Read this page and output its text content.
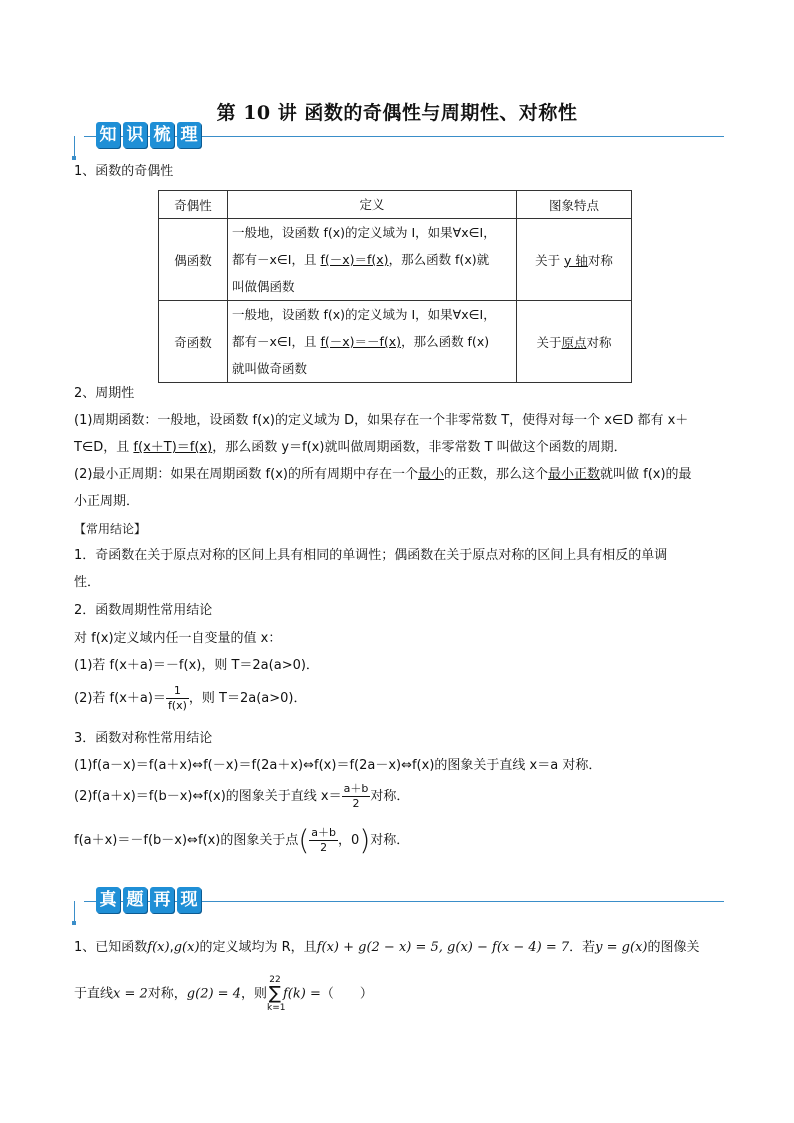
第 10 讲 函数的奇偶性与周期性、对称性
知 识 梳 理
1、函数的奇偶性
奇偶性	定义	图象特点
偶函数	一般地，设函数 f(x)的定义域为 I，如果∀x∈I，
都有－x∈I，且 f(－x)＝f(x)，那么函数 f(x)就
叫做偶函数	关于 y 轴对称
奇函数	一般地，设函数 f(x)的定义域为 I，如果∀x∈I，
都有－x∈I，且 f(－x)＝－f(x)，那么函数 f(x)
就叫做奇函数	关于原点对称
2、周期性
(1)周期函数：一般地，设函数 f(x)的定义域为 D，如果存在一个非零常数 T，使得对每一个 x∈D 都有 x＋
T∈D，且 f(x＋T)＝f(x)，那么函数 y＝f(x)就叫做周期函数，非零常数 T 叫做这个函数的周期．
(2)最小正周期：如果在周期函数 f(x)的所有周期中存在一个最小的正数，那么这个最小正数就叫做 f(x)的最
小正周期．
【常用结论】
1．奇函数在关于原点对称的区间上具有相同的单调性；偶函数在关于原点对称的区间上具有相反的单调
性．
2．函数周期性常用结论
对 f(x)定义域内任一自变量的值 x：
(1)若 f(x＋a)＝－f(x)，则 T＝2a(a>0)．
(2)若 $f(x+a)= \frac{1}{f(x)}$ ，则 T＝2a(a>0)．
3．函数对称性常用结论
(1)f(a－x)＝f(a＋x)⇔f(－x)＝f(2a＋x)⇔f(x)＝f(2a－x)⇔f(x)的图象关于直线 x＝a 对称．
(2)f(a＋x)＝f(b－x)⇔f(x)的图象关于直线 $x= \frac{a+b}{2}$ 对称．
f(a＋x)＝－f(b－x)⇔f(x)的图象关于点( $\frac{a+b}{2}$ ，0)对称．
真 题 再 现
1、已知函数f(x),g(x)的定义域均为 R，且f(x) + g(2 − x) = 5, g(x) − f(x − 4) = 7．若y = g(x)的图像关
于直线x = 2对称，g(2) = 4，则
22
∑
k=1
f(k) =（　　）
